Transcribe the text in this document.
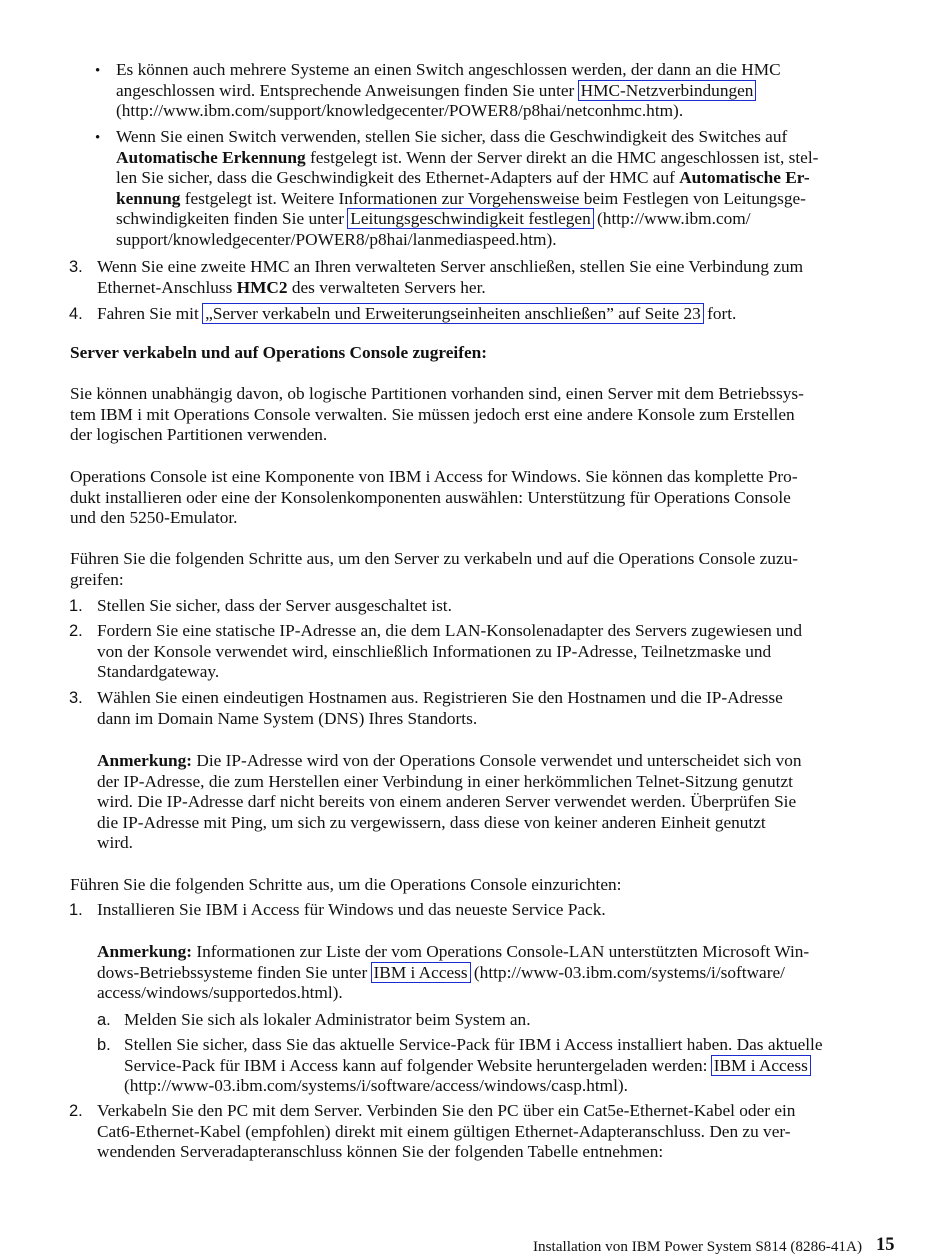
• Es können auch mehrere Systeme an einen Switch angeschlossen werden, der dann an die HMC
angeschlossen wird. Entsprechende Anweisungen finden Sie unter HMC-Netzverbindungen
(http://www.ibm.com/support/knowledgecenter/POWER8/p8hai/netconhmc.htm).

• Wenn Sie einen Switch verwenden, stellen Sie sicher, dass die Geschwindigkeit des Switches auf
Automatische Erkennung festgelegt ist. Wenn der Server direkt an die HMC angeschlossen ist, stel-
len Sie sicher, dass die Geschwindigkeit des Ethernet-Adapters auf der HMC auf Automatische Er-
kennung festgelegt ist. Weitere Informationen zur Vorgehensweise beim Festlegen von Leitungsge-
schwindigkeiten finden Sie unter Leitungsgeschwindigkeit festlegen (http://www.ibm.com/
support/knowledgecenter/POWER8/p8hai/lanmediaspeed.htm).

3. Wenn Sie eine zweite HMC an Ihren verwalteten Server anschließen, stellen Sie eine Verbindung zum
Ethernet-Anschluss HMC2 des verwalteten Servers her.

4. Fahren Sie mit „Server verkabeln und Erweiterungseinheiten anschließen” auf Seite 23 fort.

Server verkabeln und auf Operations Console zugreifen:

Sie können unabhängig davon, ob logische Partitionen vorhanden sind, einen Server mit dem Betriebssys-
tem IBM i mit Operations Console verwalten. Sie müssen jedoch erst eine andere Konsole zum Erstellen
der logischen Partitionen verwenden.

Operations Console ist eine Komponente von IBM i Access for Windows. Sie können das komplette Pro-
dukt installieren oder eine der Konsolenkomponenten auswählen: Unterstützung für Operations Console
und den 5250-Emulator.

Führen Sie die folgenden Schritte aus, um den Server zu verkabeln und auf die Operations Console zuzu-
greifen:

1. Stellen Sie sicher, dass der Server ausgeschaltet ist.

2. Fordern Sie eine statische IP-Adresse an, die dem LAN-Konsolenadapter des Servers zugewiesen und
von der Konsole verwendet wird, einschließlich Informationen zu IP-Adresse, Teilnetzmaske und
Standardgateway.

3. Wählen Sie einen eindeutigen Hostnamen aus. Registrieren Sie den Hostnamen und die IP-Adresse
dann im Domain Name System (DNS) Ihres Standorts.

Anmerkung: Die IP-Adresse wird von der Operations Console verwendet und unterscheidet sich von
der IP-Adresse, die zum Herstellen einer Verbindung in einer herkömmlichen Telnet-Sitzung genutzt
wird. Die IP-Adresse darf nicht bereits von einem anderen Server verwendet werden. Überprüfen Sie
die IP-Adresse mit Ping, um sich zu vergewissern, dass diese von keiner anderen Einheit genutzt
wird.

Führen Sie die folgenden Schritte aus, um die Operations Console einzurichten:

1. Installieren Sie IBM i Access für Windows und das neueste Service Pack.

Anmerkung: Informationen zur Liste der vom Operations Console-LAN unterstützten Microsoft Win-
dows-Betriebssysteme finden Sie unter IBM i Access (http://www-03.ibm.com/systems/i/software/
access/windows/supportedos.html).

a. Melden Sie sich als lokaler Administrator beim System an.

b. Stellen Sie sicher, dass Sie das aktuelle Service-Pack für IBM i Access installiert haben. Das aktuelle
Service-Pack für IBM i Access kann auf folgender Website heruntergeladen werden: IBM i Access
(http://www-03.ibm.com/systems/i/software/access/windows/casp.html).

2. Verkabeln Sie den PC mit dem Server. Verbinden Sie den PC über ein Cat5e-Ethernet-Kabel oder ein
Cat6-Ethernet-Kabel (empfohlen) direkt mit einem gültigen Ethernet-Adapteranschluss. Den zu ver-
wendenden Serveradapteranschluss können Sie der folgenden Tabelle entnehmen:

Installation von IBM Power System S814 (8286-41A) 15
